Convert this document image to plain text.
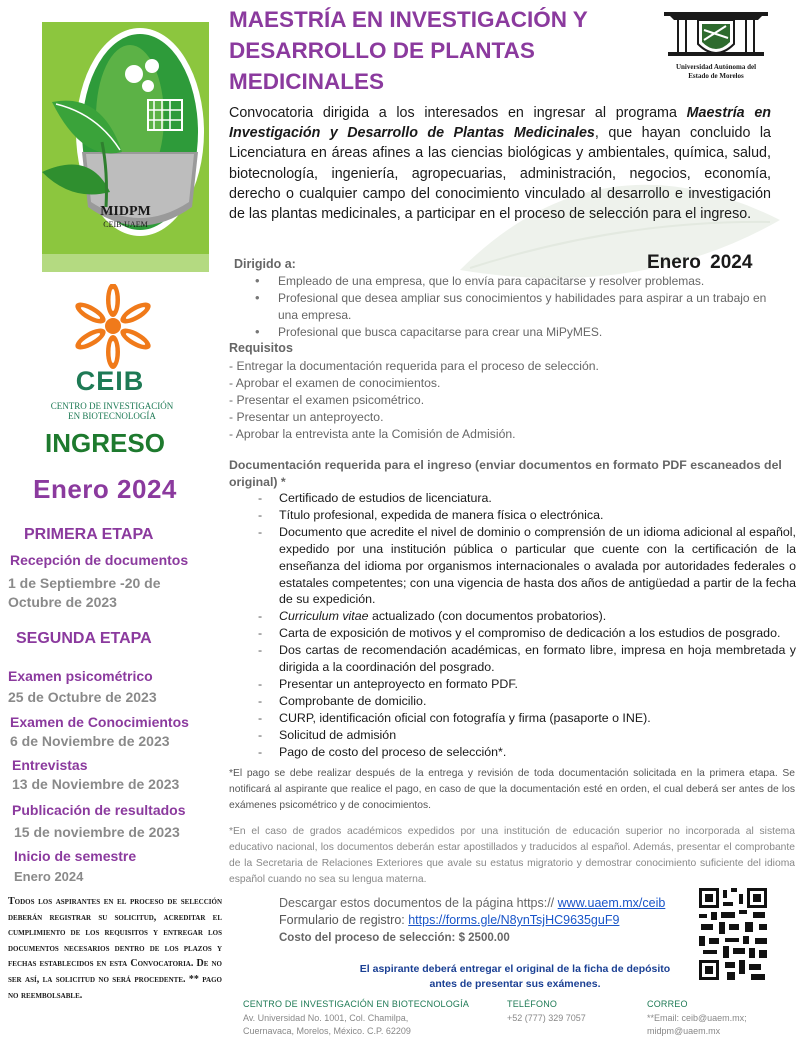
MIDPM
CEIB-UAEM
CEIB
CENTRO DE INVESTIGACIÓN
EN BIOTECNOLOGÍA
INGRESO
Enero 2024
PRIMERA ETAPA
Recepción de documentos
1 de Septiembre -20 de
Octubre de 2023
SEGUNDA ETAPA
Examen psicométrico
25 de Octubre de 2023
Examen de Conocimientos
6 de Noviembre de 2023
Entrevistas
13 de Noviembre de 2023
Publicación de resultados
15 de noviembre de 2023
Inicio de semestre
Enero 2024
Todos los aspirantes en el proceso de selección deberán registrar su solicitud, acreditar el cumplimiento de los requisitos y entregar los documentos necesarios dentro de los plazos y fechas establecidos en esta Convocatoria. De no ser así, la solicitud no será procedente. ** pago no reembolsable.
MAESTRÍA EN INVESTIGACIÓN Y
DESARROLLO DE PLANTAS
MEDICINALES
Universidad Autónoma del
Estado de Morelos

Convocatoria dirigida a los interesados en ingresar al programa Maestría en Investigación y Desarrollo de Plantas Medicinales, que hayan concluido la Licenciatura en áreas afines a las ciencias biológicas y ambientales, química, salud, biotecnología, ingeniería, agropecuarias, administración, negocios, economía, derecho o cualquier campo del conocimiento vinculado al desarrollo e investigación de las plantas medicinales, a participar en el proceso de selección para el ingreso.

Dirigido a:	Enero 2024
• Empleado de una empresa, que lo envía para capacitarse y resolver problemas.
• Profesional que desea ampliar sus conocimientos y habilidades para aspirar a un trabajo en una empresa.
• Profesional que busca capacitarse para crear una MiPyMES.
Requisitos
- Entregar la documentación requerida para el proceso de selección.
- Aprobar el examen de conocimientos.
- Presentar el examen psicométrico.
- Presentar un anteproyecto.
- Aprobar la entrevista ante la Comisión de Admisión.
Documentación requerida para el ingreso (enviar documentos en formato PDF escaneados del original) *
- Certificado de estudios de licenciatura.
- Título profesional, expedida de manera física o electrónica.
- Documento que acredite el nivel de dominio o comprensión de un idioma adicional al español, expedido por una institución pública o particular que cuente con la certificación de la enseñanza del idioma por organismos internacionales o avalada por autoridades federales o estatales competentes; con una vigencia de hasta dos años de antigüedad a partir de la fecha de su expedición.
- Curriculum vitae actualizado (con documentos probatorios).
- Carta de exposición de motivos y el compromiso de dedicación a los estudios de posgrado.
- Dos cartas de recomendación académicas, en formato libre, impresa en hoja membretada y dirigida a la coordinación del posgrado.
- Presentar un anteproyecto en formato PDF.
- Comprobante de domicilio.
- CURP, identificación oficial con fotografía y firma (pasaporte o INE).
- Solicitud de admisión
- Pago de costo del proceso de selección*.

*El pago se debe realizar después de la entrega y revisión de toda documentación solicitada en la primera etapa. Se notificará al aspirante que realice el pago, en caso de que la documentación esté en orden, el cual deberá ser antes de los exámenes psicométrico y de conocimientos.

*En el caso de grados académicos expedidos por una institución de educación superior no incorporada al sistema educativo nacional, los documentos deberán estar apostillados y traducidos al español. Además, presentar el comprobante de la Secretaria de Relaciones Exteriores que avale su estatus migratorio y demostrar conocimiento suficiente del idioma español cuando no sea su lengua materna.

Descargar estos documentos de la página https:// www.uaem.mx/ceib
Formulario de registro: https://forms.gle/N8ynTsjHC9635guF9
Costo del proceso de selección: $ 2500.00
El aspirante deberá entregar el original de la ficha de depósito antes de presentar sus exámenes.
CENTRO DE INVESTIGACIÓN EN BIOTECNOLOGÍA
Av. Universidad No. 1001, Col. Chamilpa,
Cuernavaca, Morelos, México. C.P. 62209
TELÉFONO
+52 (777) 329 7057
CORREO
**Email: ceib@uaem.mx;
midpm@uaem.mx
